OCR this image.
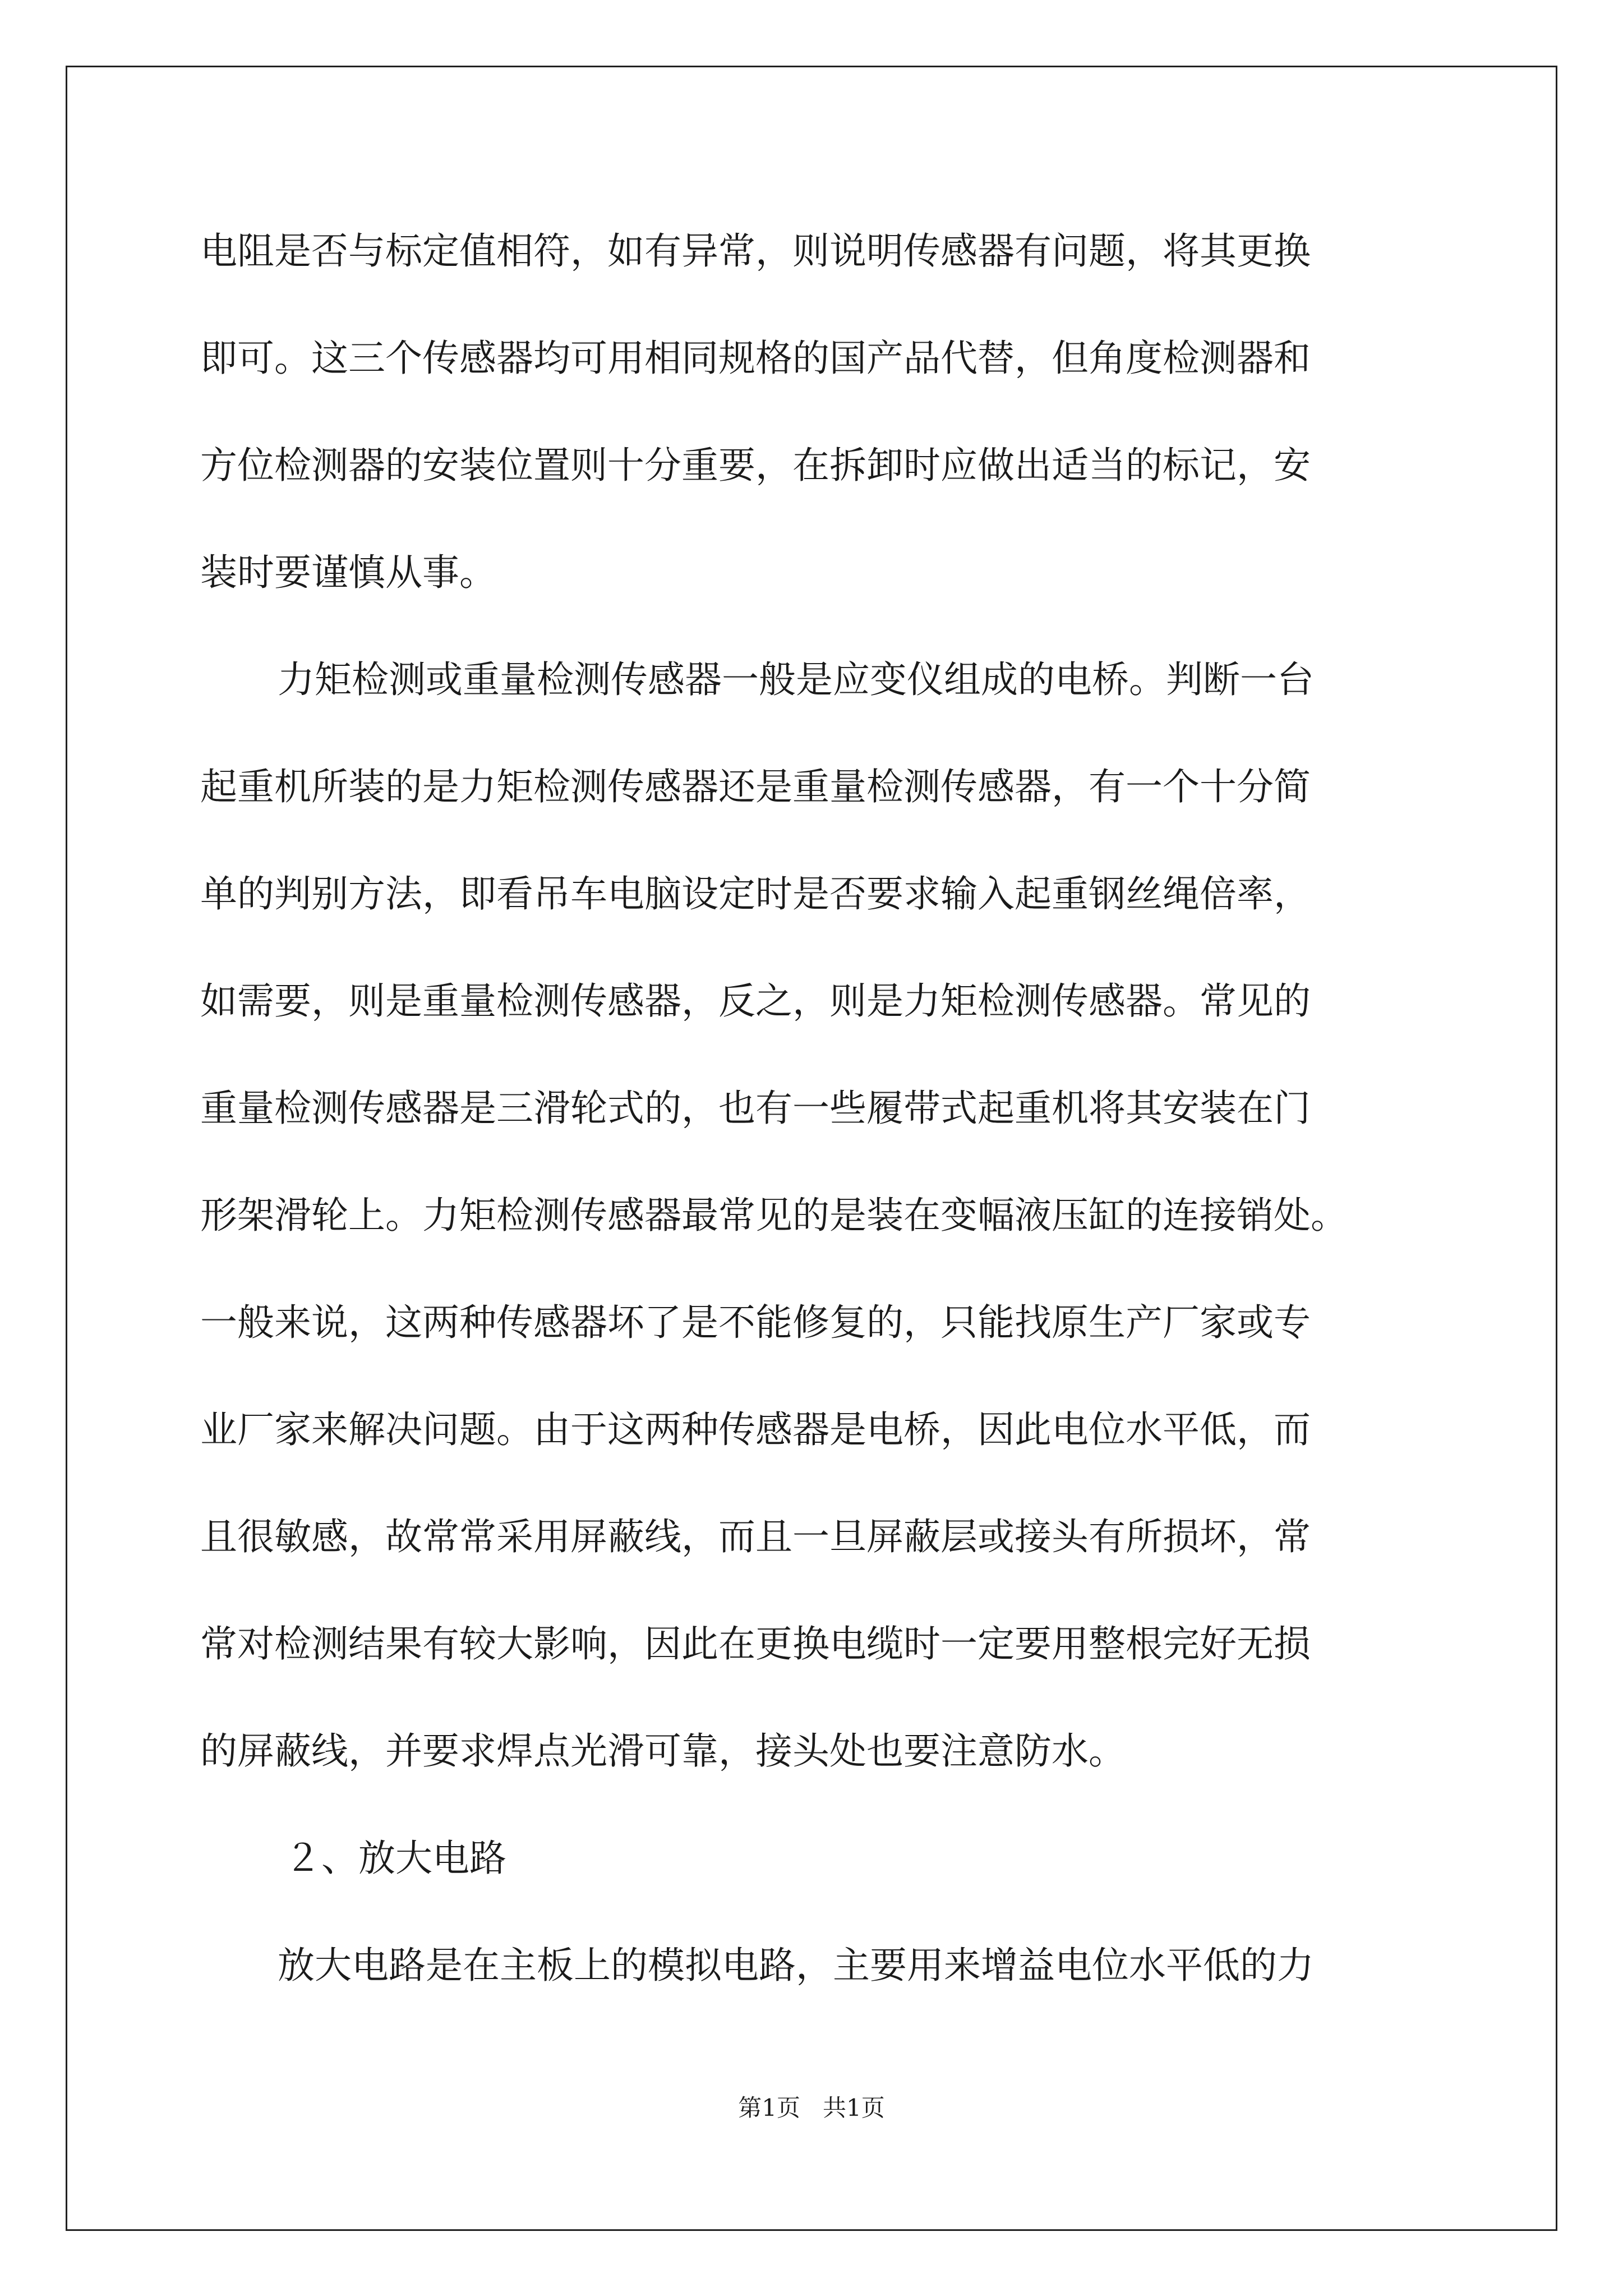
电阻是否与标定值相符，如有异常，则说明传感器有问题，将其更换
即可。这三个传感器均可用相同规格的国产品代替，但角度检测器和
方位检测器的安装位置则十分重要，在拆卸时应做出适当的标记，安
装时要谨慎从事。
力矩检测或重量检测传感器一般是应变仪组成的电桥。判断一台
起重机所装的是力矩检测传感器还是重量检测传感器，有一个十分简
单的判别方法，即看吊车电脑设定时是否要求输入起重钢丝绳倍率，
如需要，则是重量检测传感器，反之，则是力矩检测传感器。常见的
重量检测传感器是三滑轮式的，也有一些履带式起重机将其安装在门
形架滑轮上。力矩检测传感器最常见的是装在变幅液压缸的连接销处。
一般来说，这两种传感器坏了是不能修复的，只能找原生产厂家或专
业厂家来解决问题。由于这两种传感器是电桥，因此电位水平低，而
且很敏感，故常常采用屏蔽线，而且一旦屏蔽层或接头有所损坏，常
常对检测结果有较大影响，因此在更换电缆时一定要用整根完好无损
的屏蔽线，并要求焊点光滑可靠，接头处也要注意防水。
２、放大电路
放大电路是在主板上的模拟电路，主要用来增益电位水平低的力
第1页 共1页
